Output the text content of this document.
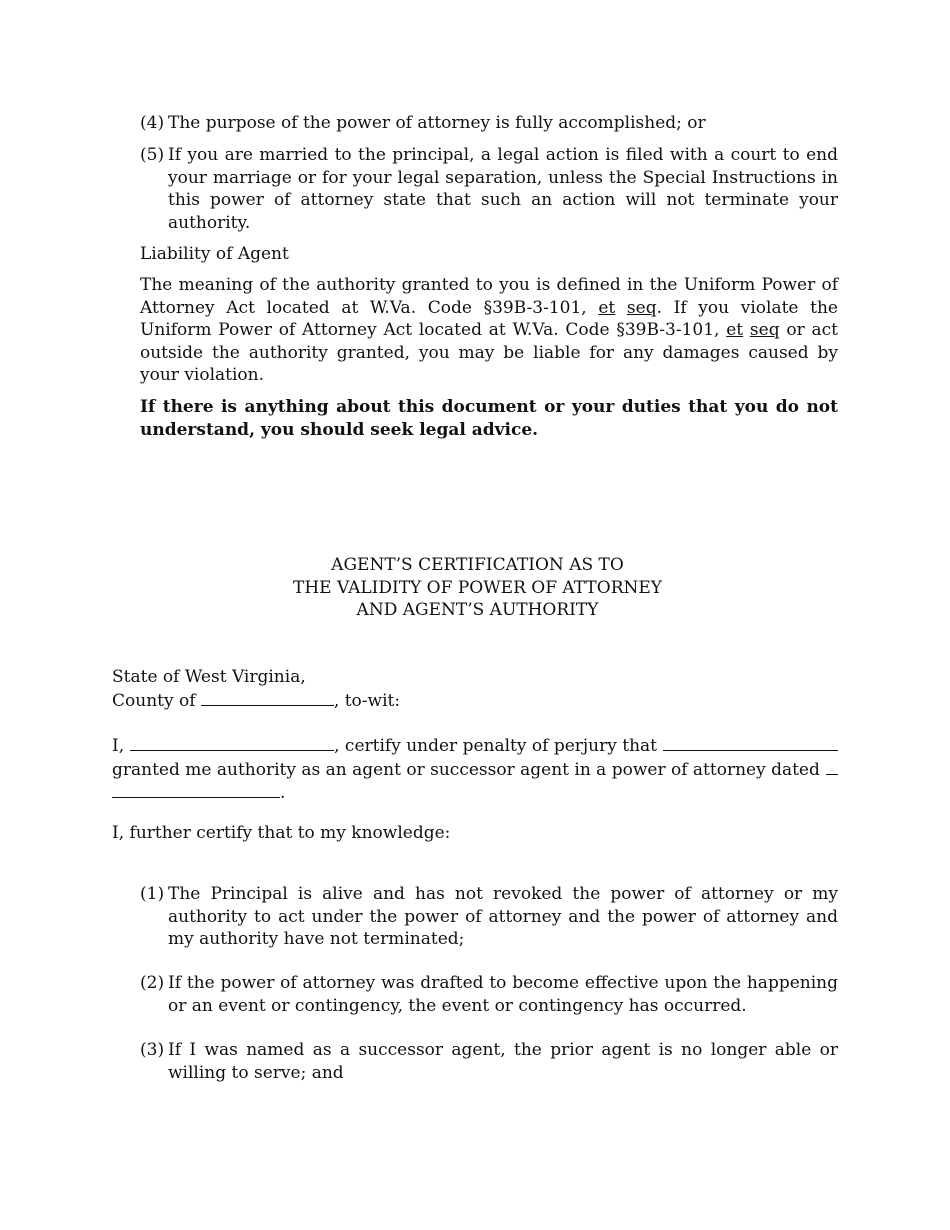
(4) The purpose of the power of attorney is fully accomplished; or
(5) If you are married to the principal, a legal action is filed with a court to end your marriage or for your legal separation, unless the Special Instructions in this power of attorney state that such an action will not terminate your authority.
Liability of Agent
The meaning of the authority granted to you is defined in the Uniform Power of Attorney Act located at W.Va. Code §39B-3-101, et seq. If you violate the Uniform Power of Attorney Act located at W.Va. Code §39B-3-101, et seq or act outside the authority granted, you may be liable for any damages caused by your violation.
If there is anything about this document or your duties that you do not understand, you should seek legal advice.
AGENT’S CERTIFICATION AS TO
THE VALIDITY OF POWER OF ATTORNEY
AND AGENT’S AUTHORITY
State of West Virginia,
County of	, to-wit:
I,	, certify under penalty of perjury that
granted me authority as an agent or successor agent in a power of attorney dated
.
I, further certify that to my knowledge:
(1) The Principal is alive and has not revoked the power of attorney or my authority to act under the power of attorney and the power of attorney and my authority have not terminated;
(2) If the power of attorney was drafted to become effective upon the happening or an event or contingency, the event or contingency has occurred.
(3) If I was named as a successor agent, the prior agent is no longer able or willing to serve; and
